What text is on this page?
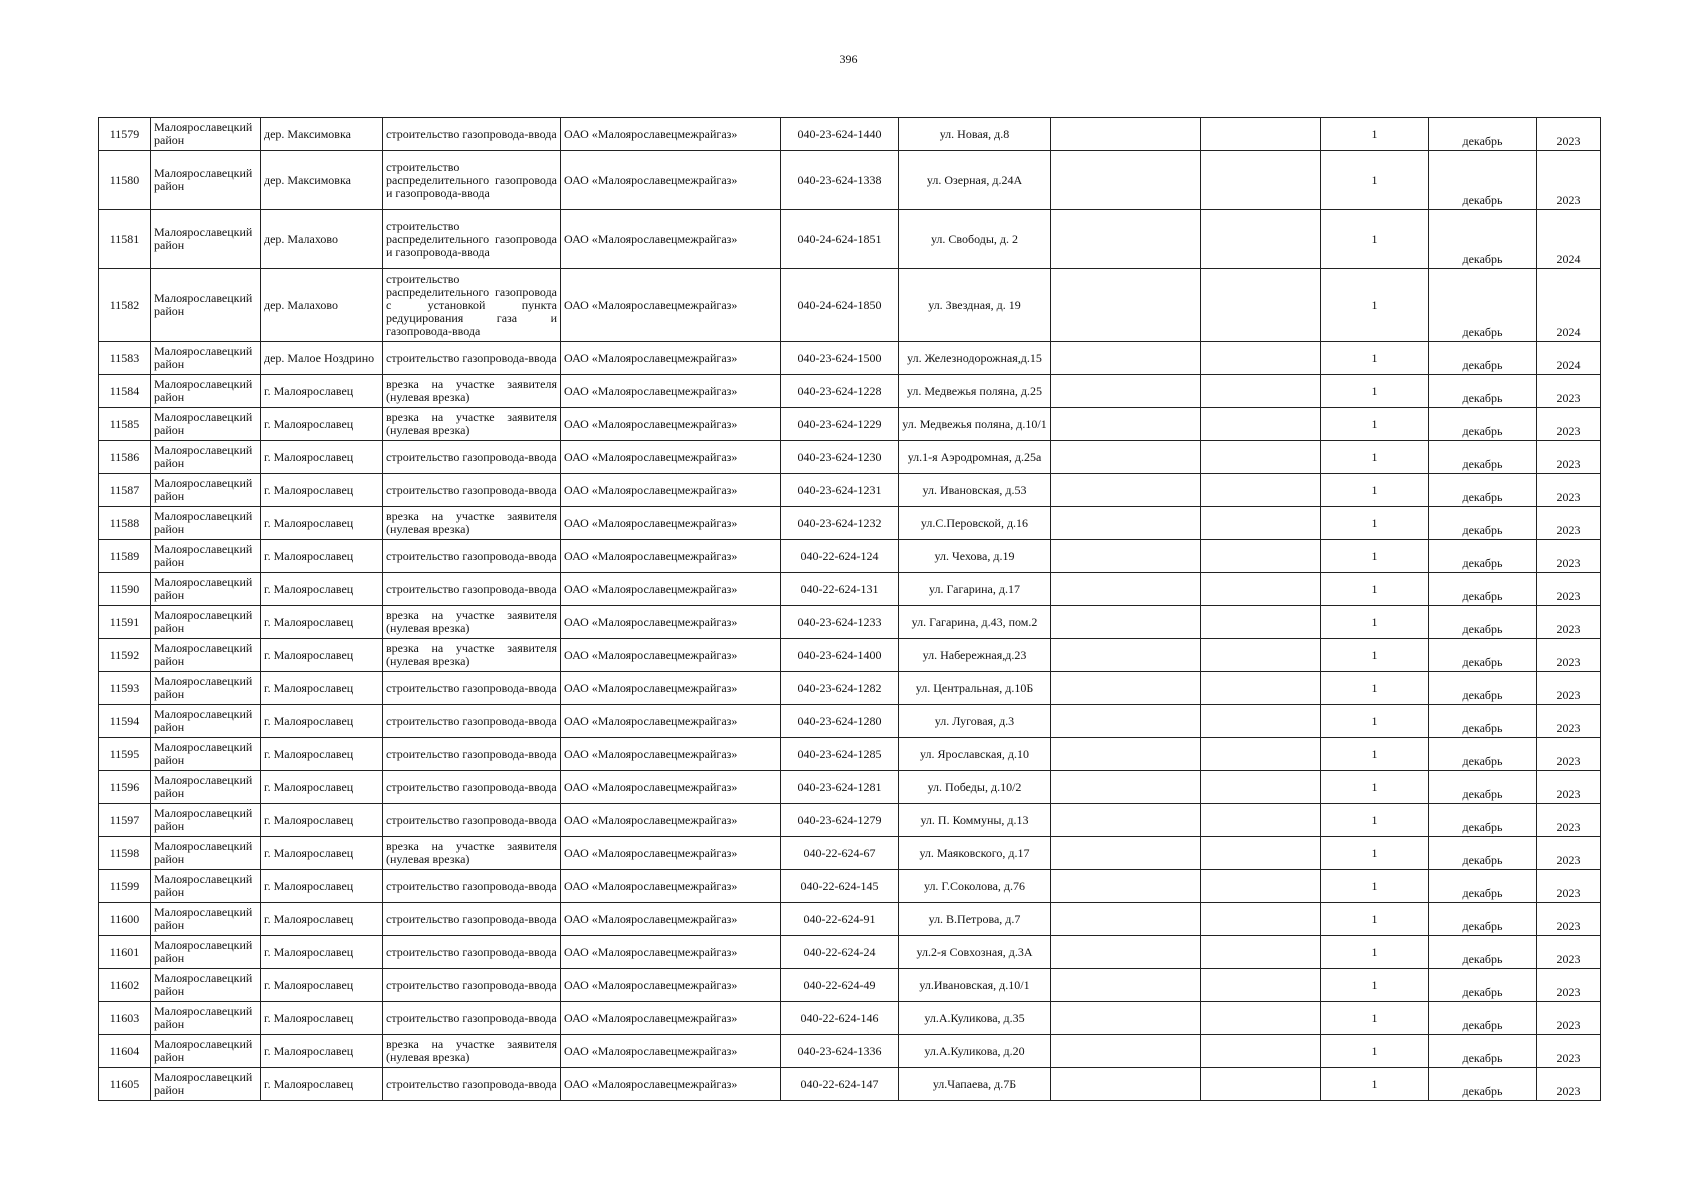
396
11579	Малоярославецкий район	дер. Максимовка	строительство газопровода-ввода	ОАО «Малоярославецмежрайгаз»	040-23-624-1440	ул. Новая, д.8			1	декабрь	2023
11580	Малоярославецкий район	дер. Максимовка	строительство распределительного газопровода и газопровода-ввода	ОАО «Малоярославецмежрайгаз»	040-23-624-1338	ул. Озерная, д.24А			1	декабрь	2023
11581	Малоярославецкий район	дер. Малахово	строительство распределительного газопровода и газопровода-ввода	ОАО «Малоярославецмежрайгаз»	040-24-624-1851	ул. Свободы, д. 2			1	декабрь	2024
11582	Малоярославецкий район	дер. Малахово	строительство распределительного газопровода с установкой пункта редуцирования газа и газопровода-ввода	ОАО «Малоярославецмежрайгаз»	040-24-624-1850	ул. Звездная, д. 19			1	декабрь	2024
11583	Малоярославецкий район	дер. Малое Ноздрино	строительство газопровода-ввода	ОАО «Малоярославецмежрайгаз»	040-23-624-1500	ул. Железнодорожная,д.15			1	декабрь	2024
11584	Малоярославецкий район	г. Малоярославец	врезка на участке заявителя (нулевая врезка)	ОАО «Малоярославецмежрайгаз»	040-23-624-1228	ул. Медвежья поляна, д.25			1	декабрь	2023
11585	Малоярославецкий район	г. Малоярославец	врезка на участке заявителя (нулевая врезка)	ОАО «Малоярославецмежрайгаз»	040-23-624-1229	ул. Медвежья поляна, д.10/1			1	декабрь	2023
11586	Малоярославецкий район	г. Малоярославец	строительство газопровода-ввода	ОАО «Малоярославецмежрайгаз»	040-23-624-1230	ул.1-я Аэродромная, д.25а			1	декабрь	2023
11587	Малоярославецкий район	г. Малоярославец	строительство газопровода-ввода	ОАО «Малоярославецмежрайгаз»	040-23-624-1231	ул. Ивановская, д.53			1	декабрь	2023
11588	Малоярославецкий район	г. Малоярославец	врезка на участке заявителя (нулевая врезка)	ОАО «Малоярославецмежрайгаз»	040-23-624-1232	ул.С.Перовской, д.16			1	декабрь	2023
11589	Малоярославецкий район	г. Малоярославец	строительство газопровода-ввода	ОАО «Малоярославецмежрайгаз»	040-22-624-124	ул. Чехова, д.19			1	декабрь	2023
11590	Малоярославецкий район	г. Малоярославец	строительство газопровода-ввода	ОАО «Малоярославецмежрайгаз»	040-22-624-131	ул. Гагарина, д.17			1	декабрь	2023
11591	Малоярославецкий район	г. Малоярославец	врезка на участке заявителя (нулевая врезка)	ОАО «Малоярославецмежрайгаз»	040-23-624-1233	ул. Гагарина, д.43, пом.2			1	декабрь	2023
11592	Малоярославецкий район	г. Малоярославец	врезка на участке заявителя (нулевая врезка)	ОАО «Малоярославецмежрайгаз»	040-23-624-1400	ул. Набережная,д.23			1	декабрь	2023
11593	Малоярославецкий район	г. Малоярославец	строительство газопровода-ввода	ОАО «Малоярославецмежрайгаз»	040-23-624-1282	ул. Центральная, д.10Б			1	декабрь	2023
11594	Малоярославецкий район	г. Малоярославец	строительство газопровода-ввода	ОАО «Малоярославецмежрайгаз»	040-23-624-1280	ул. Луговая, д.3			1	декабрь	2023
11595	Малоярославецкий район	г. Малоярославец	строительство газопровода-ввода	ОАО «Малоярославецмежрайгаз»	040-23-624-1285	ул. Ярославская, д.10			1	декабрь	2023
11596	Малоярославецкий район	г. Малоярославец	строительство газопровода-ввода	ОАО «Малоярославецмежрайгаз»	040-23-624-1281	ул. Победы, д.10/2			1	декабрь	2023
11597	Малоярославецкий район	г. Малоярославец	строительство газопровода-ввода	ОАО «Малоярославецмежрайгаз»	040-23-624-1279	ул. П. Коммуны, д.13			1	декабрь	2023
11598	Малоярославецкий район	г. Малоярославец	врезка на участке заявителя (нулевая врезка)	ОАО «Малоярославецмежрайгаз»	040-22-624-67	ул. Маяковского, д.17			1	декабрь	2023
11599	Малоярославецкий район	г. Малоярославец	строительство газопровода-ввода	ОАО «Малоярославецмежрайгаз»	040-22-624-145	ул. Г.Соколова, д.76			1	декабрь	2023
11600	Малоярославецкий район	г. Малоярославец	строительство газопровода-ввода	ОАО «Малоярославецмежрайгаз»	040-22-624-91	ул. В.Петрова, д.7			1	декабрь	2023
11601	Малоярославецкий район	г. Малоярославец	строительство газопровода-ввода	ОАО «Малоярославецмежрайгаз»	040-22-624-24	ул.2-я Совхозная, д.3А			1	декабрь	2023
11602	Малоярославецкий район	г. Малоярославец	строительство газопровода-ввода	ОАО «Малоярославецмежрайгаз»	040-22-624-49	ул.Ивановская, д.10/1			1	декабрь	2023
11603	Малоярославецкий район	г. Малоярославец	строительство газопровода-ввода	ОАО «Малоярославецмежрайгаз»	040-22-624-146	ул.А.Куликова, д.35			1	декабрь	2023
11604	Малоярославецкий район	г. Малоярославец	врезка на участке заявителя (нулевая врезка)	ОАО «Малоярославецмежрайгаз»	040-23-624-1336	ул.А.Куликова, д.20			1	декабрь	2023
11605	Малоярославецкий район	г. Малоярославец	строительство газопровода-ввода	ОАО «Малоярославецмежрайгаз»	040-22-624-147	ул.Чапаева, д.7Б			1	декабрь	2023
